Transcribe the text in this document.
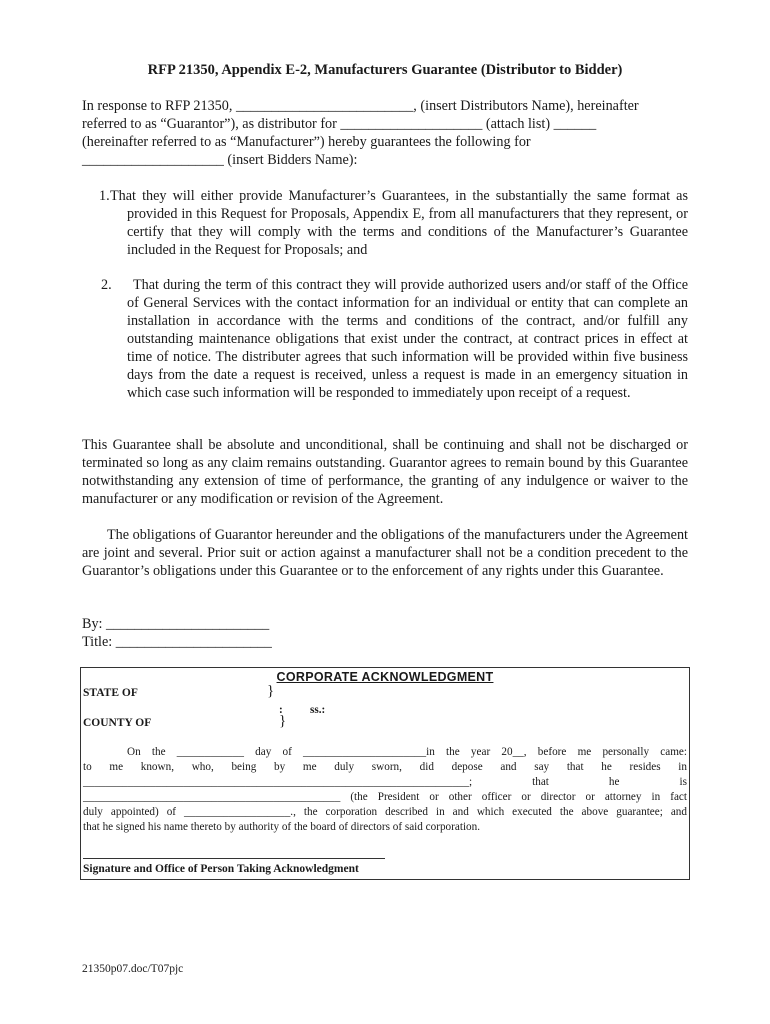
RFP 21350, Appendix E-2, Manufacturers Guarantee (Distributor to Bidder)
In response to RFP 21350, _________________________, (insert Distributors Name), hereinafter
referred to as “Guarantor”), as distributor for ____________________ (attach list) ______
(hereinafter referred to as “Manufacturer”) hereby guarantees the following for
____________________ (insert Bidders Name):
1. That they will either provide Manufacturer’s Guarantees, in the substantially the same format as provided in this Request for Proposals, Appendix E, from all manufacturers that they represent, or certify that they will comply with the terms and conditions of the Manufacturer’s Guarantee included in the Request for Proposals; and
2.	That during the term of this contract they will provide authorized users and/or staff of the Office of General Services with the contact information for an individual or entity that can complete an installation in accordance with the terms and conditions of the contract, and/or fulfill any outstanding maintenance obligations that exist under the contract, at contract prices in effect at time of notice. The distributer agrees that such information will be provided within five business days from the date a request is received, unless a request is made in an emergency situation in which case such information will be responded to immediately upon receipt of a request.
This Guarantee shall be absolute and unconditional, shall be continuing and shall not be discharged or terminated so long as any claim remains outstanding. Guarantor agrees to remain bound by this Guarantee notwithstanding any extension of time of performance, the granting of any indulgence or waiver to the manufacturer or any modification or revision of the Agreement.
The obligations of Guarantor hereunder and the obligations of the manufacturers under the Agreement are joint and several. Prior suit or action against a manufacturer shall not be a condition precedent to the Guarantor’s obligations under this Guarantee or to the enforcement of any rights under this Guarantee.
By: _______________________
Title: ______________________
CORPORATE ACKNOWLEDGMENT
STATE OF	}
: ss.:
COUNTY OF	}
On the ____________ day of ______________________in the year 20__, before me personally came:
to me known, who, being by me duly sworn, did depose and say that he resides in
_____________________________________________________________________; that he is
______________________________________________ (the President or other officer or director or attorney in fact
duly appointed) of ___________________., the corporation described in and which executed the above guarantee; and
that he signed his name thereto by authority of the board of directors of said corporation.
Signature and Office of Person Taking Acknowledgment
21350p07.doc/T07pjc
